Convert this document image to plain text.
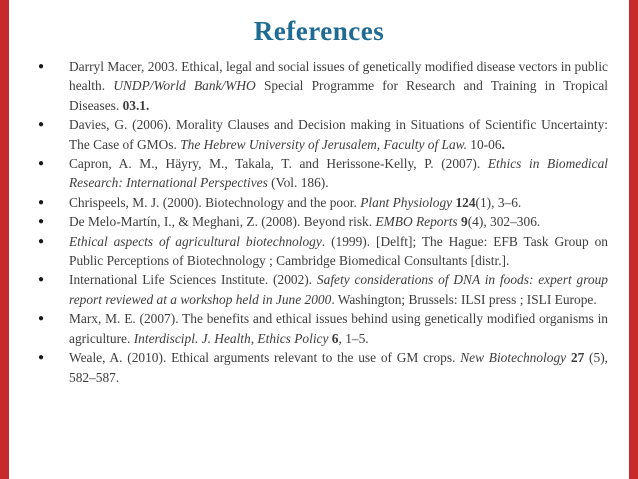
References
● Darryl Macer, 2003. Ethical, legal and social issues of genetically modified disease vectors in public health. UNDP/World Bank/WHO Special Programme for Research and Training in Tropical Diseases. 03.1.
● Davies, G. (2006). Morality Clauses and Decision making in Situations of Scientific Uncertainty: The Case of GMOs. The Hebrew University of Jerusalem, Faculty of Law. 10-06.
● Capron, A. M., Häyry, M., Takala, T. and Herissone-Kelly, P. (2007). Ethics in Biomedical Research: International Perspectives (Vol. 186).
● Chrispeels, M. J. (2000). Biotechnology and the poor. Plant Physiology 124(1), 3–6.
● De Melo-Martín, I., & Meghani, Z. (2008). Beyond risk. EMBO Reports 9(4), 302–306.
● Ethical aspects of agricultural biotechnology. (1999). [Delft]; The Hague: EFB Task Group on Public Perceptions of Biotechnology ; Cambridge Biomedical Consultants [distr.].
● International Life Sciences Institute. (2002). Safety considerations of DNA in foods: expert group report reviewed at a workshop held in June 2000. Washington; Brussels: ILSI press ; ISLI Europe.
● Marx, M. E. (2007). The benefits and ethical issues behind using genetically modified organisms in agriculture. Interdiscipl. J. Health, Ethics Policy 6, 1–5.
● Weale, A. (2010). Ethical arguments relevant to the use of GM crops. New Biotechnology 27 (5), 582–587.
